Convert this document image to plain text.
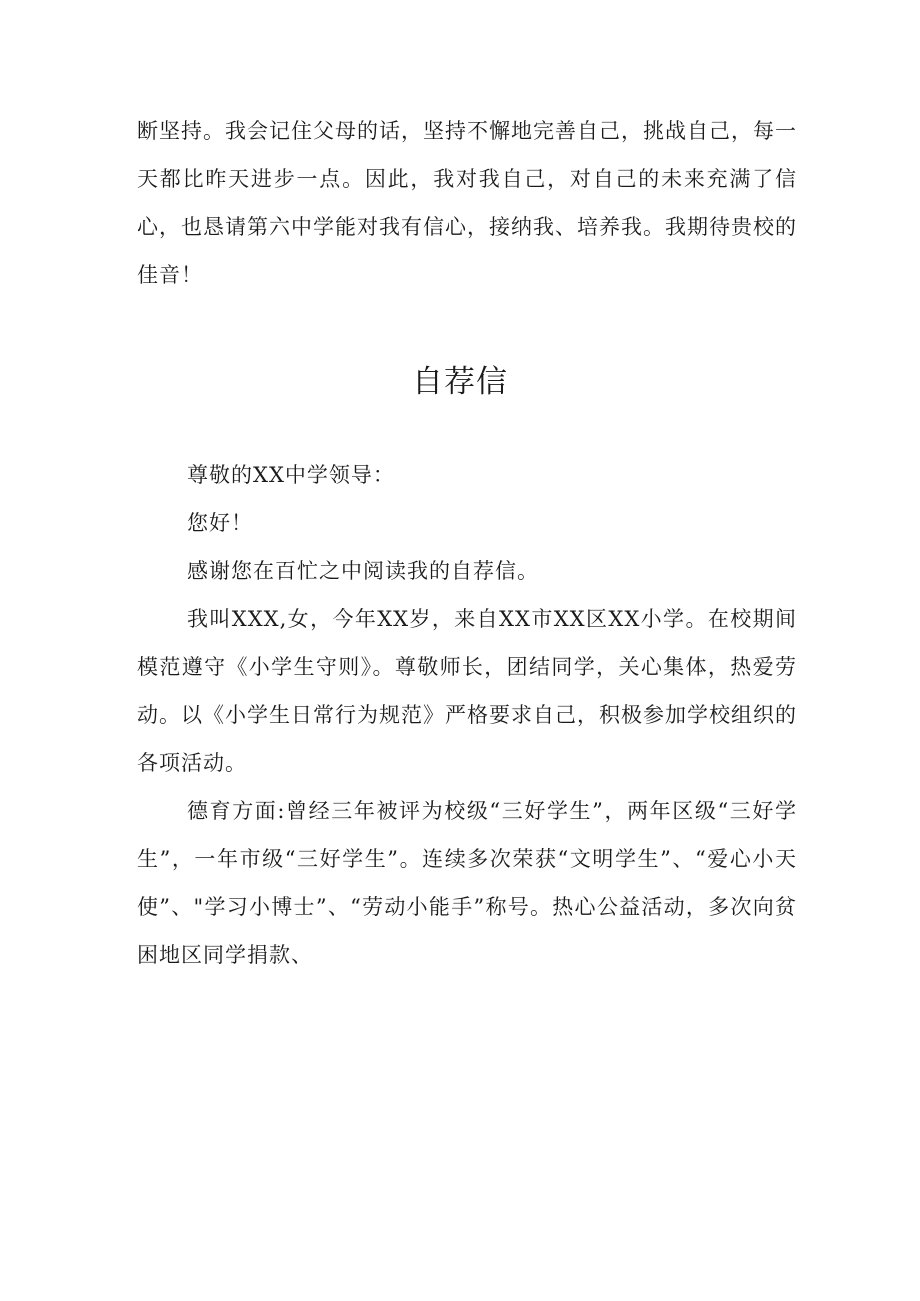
断坚持。我会记住父母的话，坚持不懈地完善自己，挑战自己，每一天都比昨天进步一点。因此，我对我自己，对自己的未来充满了信心，也恳请第六中学能对我有信心，接纳我、培养我。我期待贵校的佳音！

自荐信

尊敬的XX中学领导：

您好！

感谢您在百忙之中阅读我的自荐信。

我叫XXX,女，今年XX岁，来自XX市XX区XX小学。在校期间模范遵守《小学生守则》。尊敬师长，团结同学，关心集体，热爱劳动。以《小学生日常行为规范》严格要求自己，积极参加学校组织的各项活动。

德育方面:曾经三年被评为校级“三好学生”，两年区级“三好学生”，一年市级“三好学生”。连续多次荣获“文明学生”、“爱心小天使”、"学习小博士”、“劳动小能手”称号。热心公益活动，多次向贫困地区同学捐款、
